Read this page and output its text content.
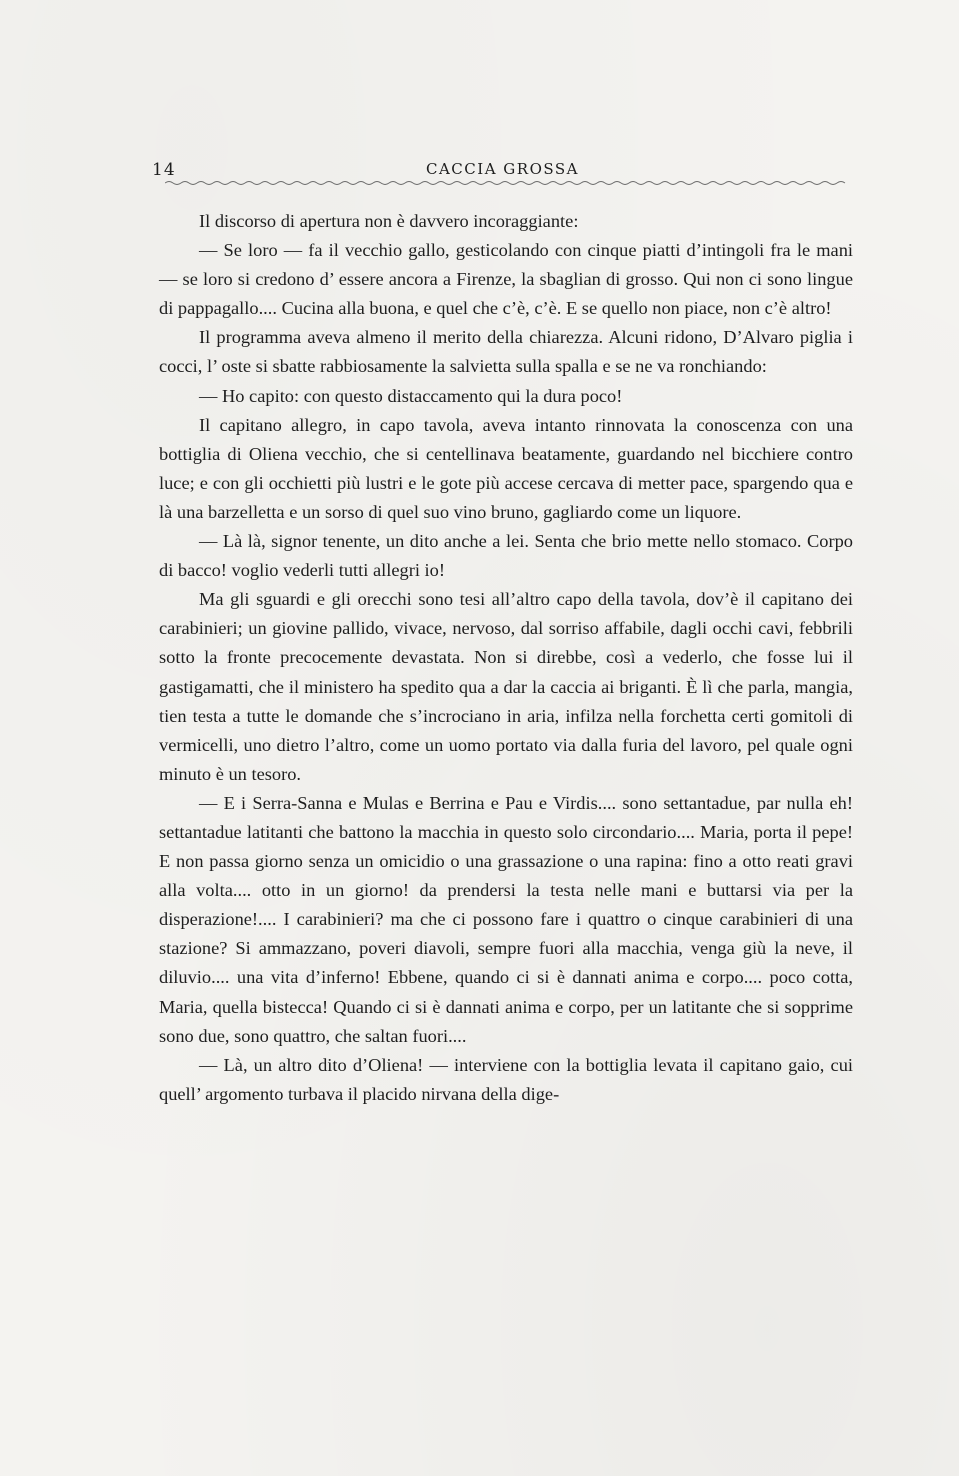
14	CACCIA GROSSA

Il discorso di apertura non è davvero incoraggiante:

— Se loro — fa il vecchio gallo, gesticolando con cinque piatti d’intingoli fra le mani — se loro si credono d’ essere ancora a Firenze, la sbaglian di grosso. Qui non ci sono lingue di pappagallo.... Cucina alla buona, e quel che c’è, c’è. E se quello non piace, non c’è altro!

Il programma aveva almeno il merito della chiarezza. Alcuni ridono, D’Alvaro piglia i cocci, l’ oste si sbatte rabbiosamente la salvietta sulla spalla e se ne va ronchiando:

— Ho capito: con questo distaccamento qui la dura poco!

Il capitano allegro, in capo tavola, aveva intanto rinnovata la conoscenza con una bottiglia di Oliena vecchio, che si centellinava beatamente, guardando nel bicchiere contro luce; e con gli occhietti più lustri e le gote più accese cercava di metter pace, spargendo qua e là una barzelletta e un sorso di quel suo vino bruno, gagliardo come un liquore.

— Là là, signor tenente, un dito anche a lei. Senta che brio mette nello stomaco. Corpo di bacco! voglio vederli tutti allegri io!

Ma gli sguardi e gli orecchi sono tesi all’altro capo della tavola, dov’è il capitano dei carabinieri; un giovine pallido, vivace, nervoso, dal sorriso affabile, dagli occhi cavi, febbrili sotto la fronte precocemente devastata. Non si direbbe, così a vederlo, che fosse lui il gastigamatti, che il ministero ha spedito qua a dar la caccia ai briganti. È lì che parla, mangia, tien testa a tutte le domande che s’incrociano in aria, infilza nella forchetta certi gomitoli di vermicelli, uno dietro l’altro, come un uomo portato via dalla furia del lavoro, pel quale ogni minuto è un tesoro.

— E i Serra-Sanna e Mulas e Berrina e Pau e Virdis.... sono settantadue, par nulla eh! settantadue latitanti che battono la macchia in questo solo circondario.... Maria, porta il pepe! E non passa giorno senza un omicidio o una grassazione o una rapina: fino a otto reati gravi alla volta.... otto in un giorno! da prendersi la testa nelle mani e buttarsi via per la disperazione!.... I carabinieri? ma che ci possono fare i quattro o cinque carabinieri di una stazione? Si ammazzano, poveri diavoli, sempre fuori alla macchia, venga giù la neve, il diluvio.... una vita d’inferno! Ebbene, quando ci si è dannati anima e corpo.... poco cotta, Maria, quella bistecca! Quando ci si è dannati anima e corpo, per un latitante che si sopprime sono due, sono quattro, che saltan fuori....

— Là, un altro dito d’Oliena! — interviene con la bottiglia levata il capitano gaio, cui quell’ argomento turbava il placido nirvana della dige-
